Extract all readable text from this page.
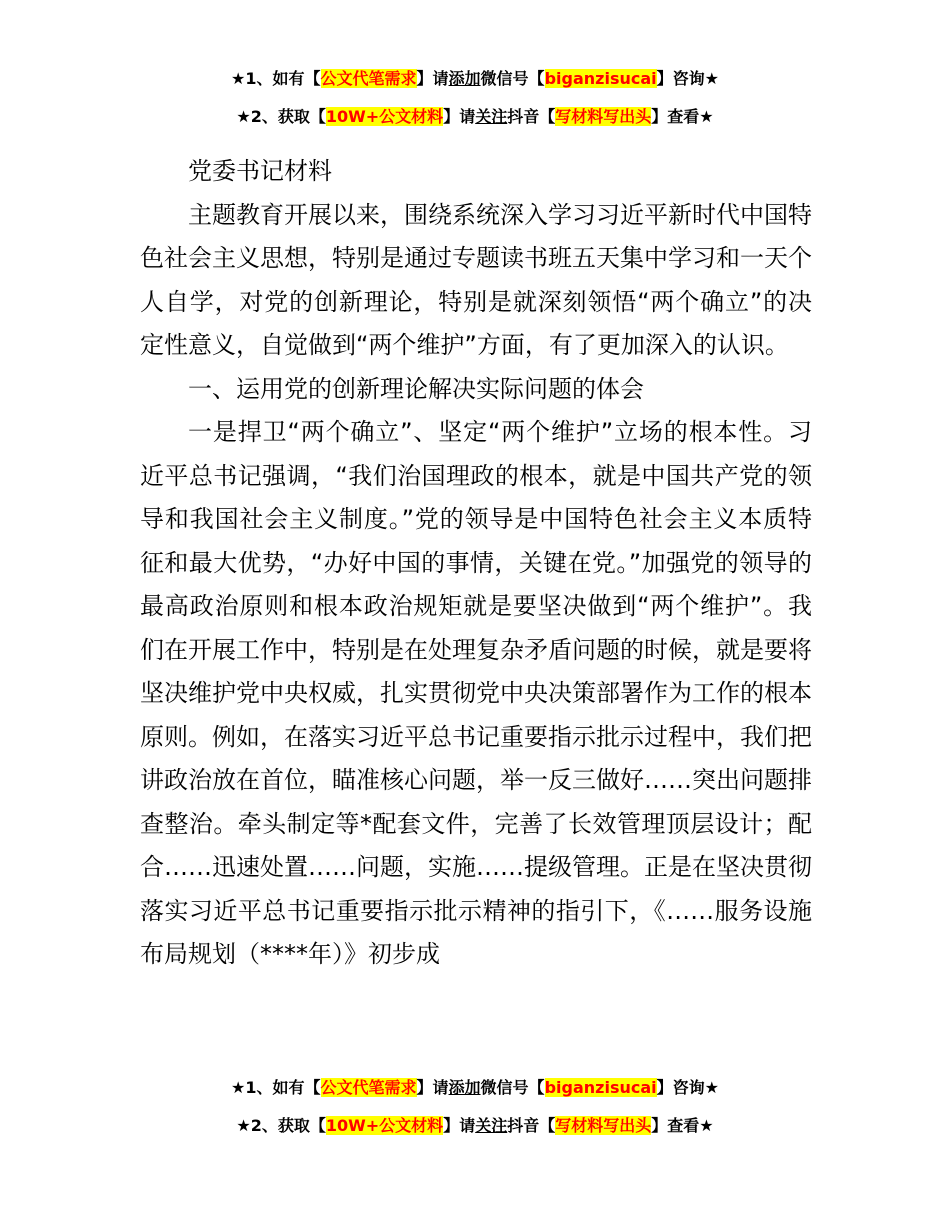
★1、如有【公文代笔需求】请添加微信号【biganzisucai】咨询★
★2、获取【10W+公文材料】请关注抖音【写材料写出头】查看★

党委书记材料

主题教育开展以来，围绕系统深入学习习近平新时代中国特色社会主义思想，特别是通过专题读书班五天集中学习和一天个人自学，对党的创新理论，特别是就深刻领悟“两个确立”的决定性意义，自觉做到“两个维护”方面，有了更加深入的认识。

一、运用党的创新理论解决实际问题的体会

一是捍卫“两个确立”、坚定“两个维护”立场的根本性。习近平总书记强调，“我们治国理政的根本，就是中国共产党的领导和我国社会主义制度。”党的领导是中国特色社会主义本质特征和最大优势，“办好中国的事情，关键在党。”加强党的领导的最高政治原则和根本政治规矩就是要坚决做到“两个维护”。我们在开展工作中，特别是在处理复杂矛盾问题的时候，就是要将坚决维护党中央权威，扎实贯彻党中央决策部署作为工作的根本原则。例如，在落实习近平总书记重要指示批示过程中，我们把讲政治放在首位，瞄准核心问题，举一反三做好……突出问题排查整治。牵头制定等*配套文件，完善了长效管理顶层设计；配合……迅速处置……问题，实施……提级管理。正是在坚决贯彻落实习近平总书记重要指示批示精神的指引下，《……服务设施布局规划（****年）》初步成

★1、如有【公文代笔需求】请添加微信号【biganzisucai】咨询★
★2、获取【10W+公文材料】请关注抖音【写材料写出头】查看★
